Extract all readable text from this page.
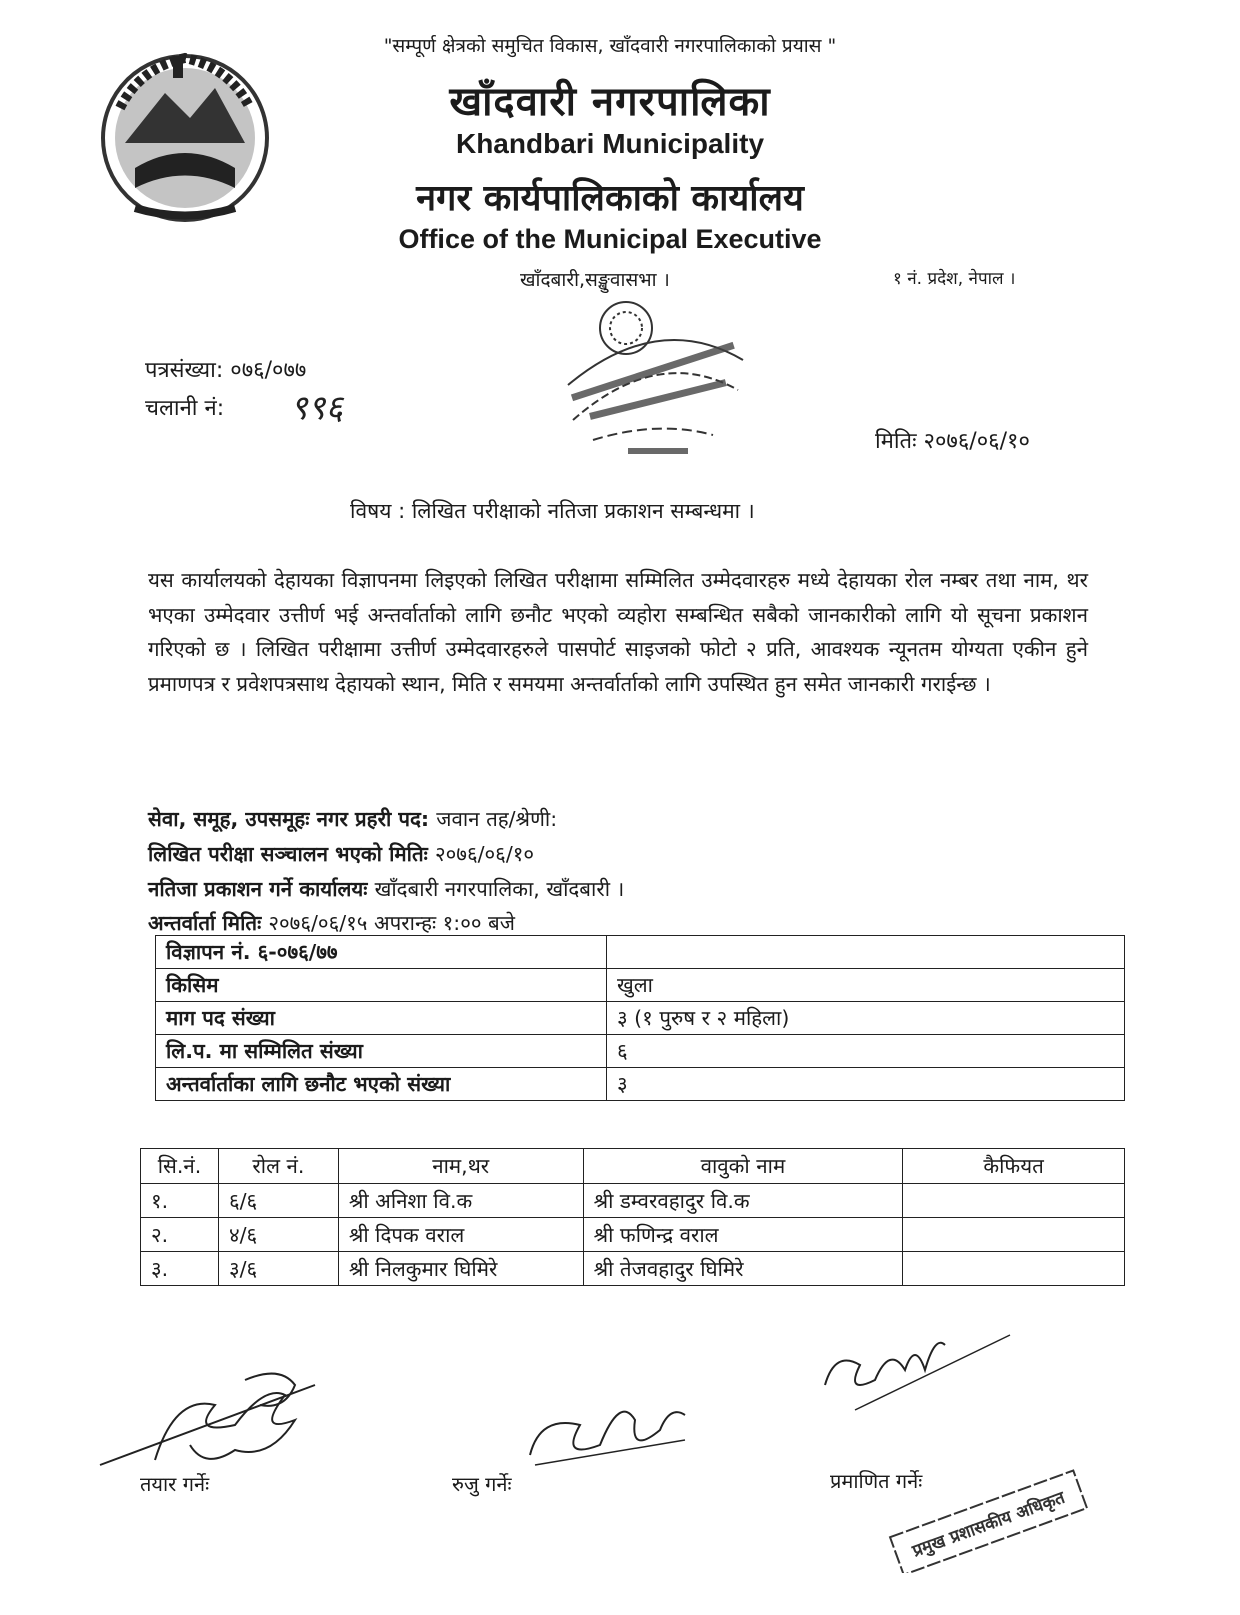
"सम्पूर्ण क्षेत्रको समुचित विकास, खाँदवारी नगरपालिकाको प्रयास "
खाँदवारी नगरपालिका
Khandbari Municipality
नगर कार्यपालिकाको कार्यालय
Office of the Municipal Executive
खाँदबारी,सङ्खुवासभा ।	१ नं. प्रदेश, नेपाल ।
पत्रसंख्या: ०७६/०७७
चलानी नं: ९९६
मितिः २०७६/०६/१०
विषय : लिखित परीक्षाको नतिजा प्रकाशन सम्बन्धमा ।
यस कार्यालयको देहायका विज्ञापनमा लिइएको लिखित परीक्षामा सम्मिलित उम्मेदवारहरु मध्ये देहायका रोल नम्बर तथा नाम, थर भएका उम्मेदवार उत्तीर्ण भई अन्तर्वार्ताको लागि छनौट भएको व्यहोरा सम्बन्धित सबैको जानकारीको लागि यो सूचना प्रकाशन गरिएको छ । लिखित परीक्षामा उत्तीर्ण उम्मेदवारहरुले पासपोर्ट साइजको फोटो २ प्रति, आवश्यक न्यूनतम योग्यता एकीन हुने प्रमाणपत्र र प्रवेशपत्रसाथ देहायको स्थान, मिति र समयमा अन्तर्वार्ताको लागि उपस्थित हुन समेत जानकारी गराईन्छ ।
सेवा, समूह, उपसमूहः नगर प्रहरी पद: जवान तह/श्रेणी:
लिखित परीक्षा सञ्चालन भएको मितिः २०७६/०६/१०
नतिजा प्रकाशन गर्ने कार्यालयः खाँदबारी नगरपालिका, खाँदबारी ।
अन्तर्वार्ता मितिः २०७६/०६/१५ अपरान्हः १:०० बजे
विज्ञापन नं. ६-०७६/७७	
किसिम	खुला
माग पद संख्या	३ (१ पुरुष र २ महिला)
लि.प. मा सम्मिलित संख्या	६
अन्तर्वार्ताका लागि छनौट भएको संख्या	३
सि.नं.	रोल नं.	नाम,थर	वावुको नाम	कैफियत
१.	६/६	श्री अनिशा वि.क	श्री डम्वरवहादुर वि.क	
२.	४/६	श्री दिपक वराल	श्री फणिन्द्र वराल	
३.	३/६	श्री निलकुमार घिमिरे	श्री तेजवहादुर घिमिरे	
तयार गर्नेः	रुजु गर्नेः	प्रमाणित गर्नेः
प्रमुख प्रशासकीय अधिकृत
